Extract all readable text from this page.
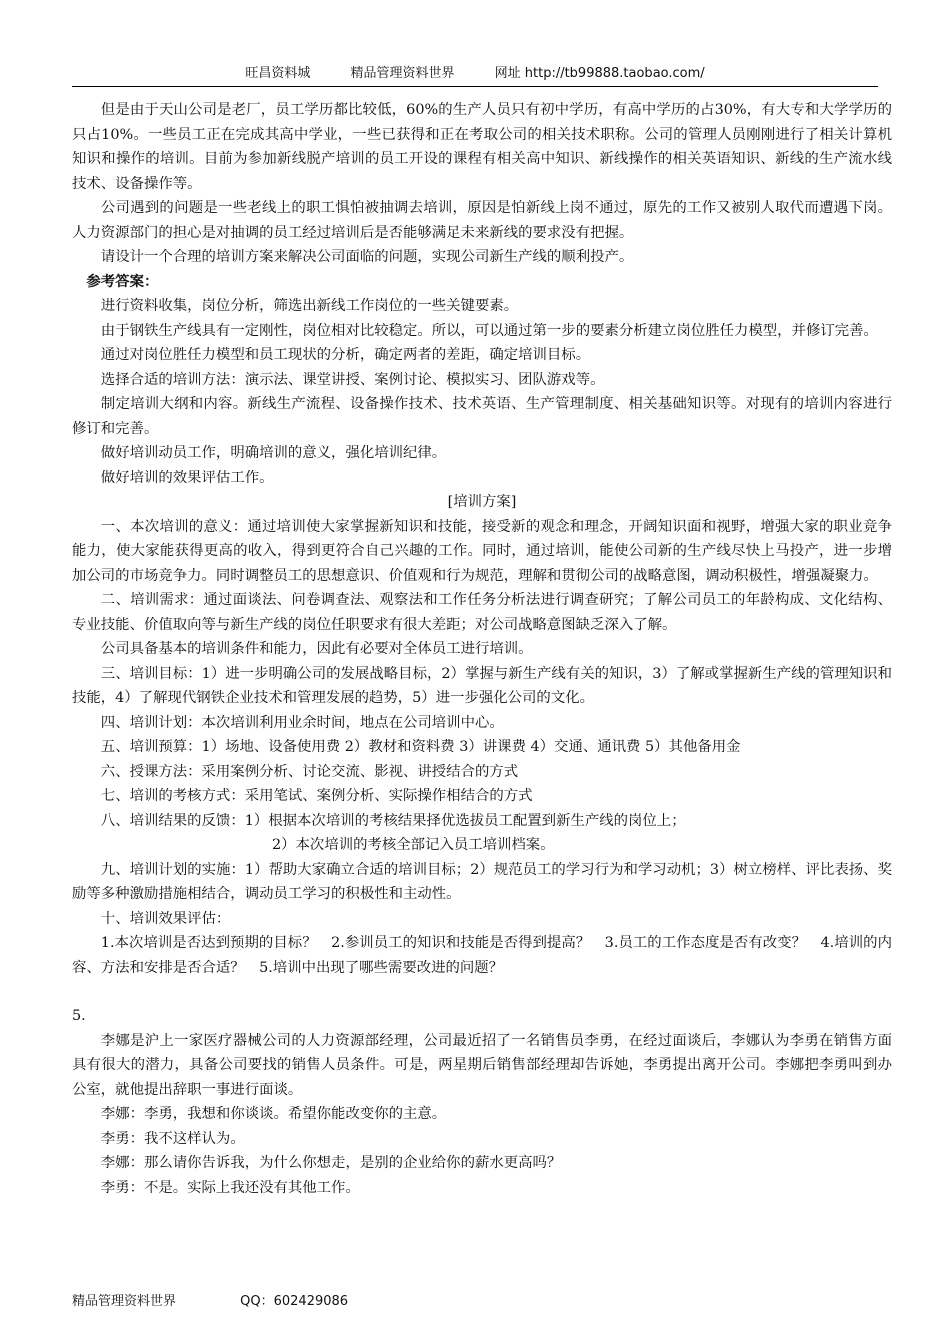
旺昌资料城	精品管理资料世界	网址 http://tb99888.taobao.com/

但是由于天山公司是老厂，员工学历都比较低，60%的生产人员只有初中学历，有高中学历的占30%，有大专和大学学历的只占10%。一些员工正在完成其高中学业，一些已获得和正在考取公司的相关技术职称。公司的管理人员刚刚进行了相关计算机知识和操作的培训。目前为参加新线脱产培训的员工开设的课程有相关高中知识、新线操作的相关英语知识、新线的生产流水线技术、设备操作等。

公司遇到的问题是一些老线上的职工惧怕被抽调去培训，原因是怕新线上岗不通过，原先的工作又被别人取代而遭遇下岗。人力资源部门的担心是对抽调的员工经过培训后是否能够满足未来新线的要求没有把握。

请设计一个合理的培训方案来解决公司面临的问题，实现公司新生产线的顺利投产。

参考答案：

进行资料收集，岗位分析，筛选出新线工作岗位的一些关键要素。

由于钢铁生产线具有一定刚性，岗位相对比较稳定。所以，可以通过第一步的要素分析建立岗位胜任力模型，并修订完善。

通过对岗位胜任力模型和员工现状的分析，确定两者的差距，确定培训目标。

选择合适的培训方法：演示法、课堂讲授、案例讨论、模拟实习、团队游戏等。

制定培训大纲和内容。新线生产流程、设备操作技术、技术英语、生产管理制度、相关基础知识等。对现有的培训内容进行修订和完善。

做好培训动员工作，明确培训的意义，强化培训纪律。

做好培训的效果评估工作。

[培训方案]

一、本次培训的意义：通过培训使大家掌握新知识和技能，接受新的观念和理念，开阔知识面和视野，增强大家的职业竞争能力，使大家能获得更高的收入，得到更符合自己兴趣的工作。同时，通过培训，能使公司新的生产线尽快上马投产，进一步增加公司的市场竞争力。同时调整员工的思想意识、价值观和行为规范，理解和贯彻公司的战略意图，调动积极性，增强凝聚力。

二、培训需求：通过面谈法、问卷调查法、观察法和工作任务分析法进行调查研究；了解公司员工的年龄构成、文化结构、专业技能、价值取向等与新生产线的岗位任职要求有很大差距；对公司战略意图缺乏深入了解。

公司具备基本的培训条件和能力，因此有必要对全体员工进行培训。

三、培训目标：1）进一步明确公司的发展战略目标，2）掌握与新生产线有关的知识，3）了解或掌握新生产线的管理知识和技能，4）了解现代钢铁企业技术和管理发展的趋势，5）进一步强化公司的文化。

四、培训计划：本次培训利用业余时间，地点在公司培训中心。

五、培训预算：1）场地、设备使用费 2）教材和资料费 3）讲课费 4）交通、通讯费 5）其他备用金

六、授课方法：采用案例分析、讨论交流、影视、讲授结合的方式

七、培训的考核方式：采用笔试、案例分析、实际操作相结合的方式

八、培训结果的反馈：1）根据本次培训的考核结果择优选拔员工配置到新生产线的岗位上；

2）本次培训的考核全部记入员工培训档案。

九、培训计划的实施：1）帮助大家确立合适的培训目标；2）规范员工的学习行为和学习动机；3）树立榜样、评比表扬、奖励等多种激励措施相结合，调动员工学习的积极性和主动性。

十、培训效果评估：

1.本次培训是否达到预期的目标？　2.参训员工的知识和技能是否得到提高？　3.员工的工作态度是否有改变？　4.培训的内容、方法和安排是否合适？　5.培训中出现了哪些需要改进的问题？

5.

李娜是沪上一家医疗器械公司的人力资源部经理，公司最近招了一名销售员李勇，在经过面谈后，李娜认为李勇在销售方面具有很大的潜力，具备公司要找的销售人员条件。可是，两星期后销售部经理却告诉她，李勇提出离开公司。李娜把李勇叫到办公室，就他提出辞职一事进行面谈。

李娜：李勇，我想和你谈谈。希望你能改变你的主意。

李勇：我不这样认为。

李娜：那么请你告诉我，为什么你想走，是别的企业给你的薪水更高吗？

李勇：不是。实际上我还没有其他工作。

精品管理资料世界	QQ：602429086
